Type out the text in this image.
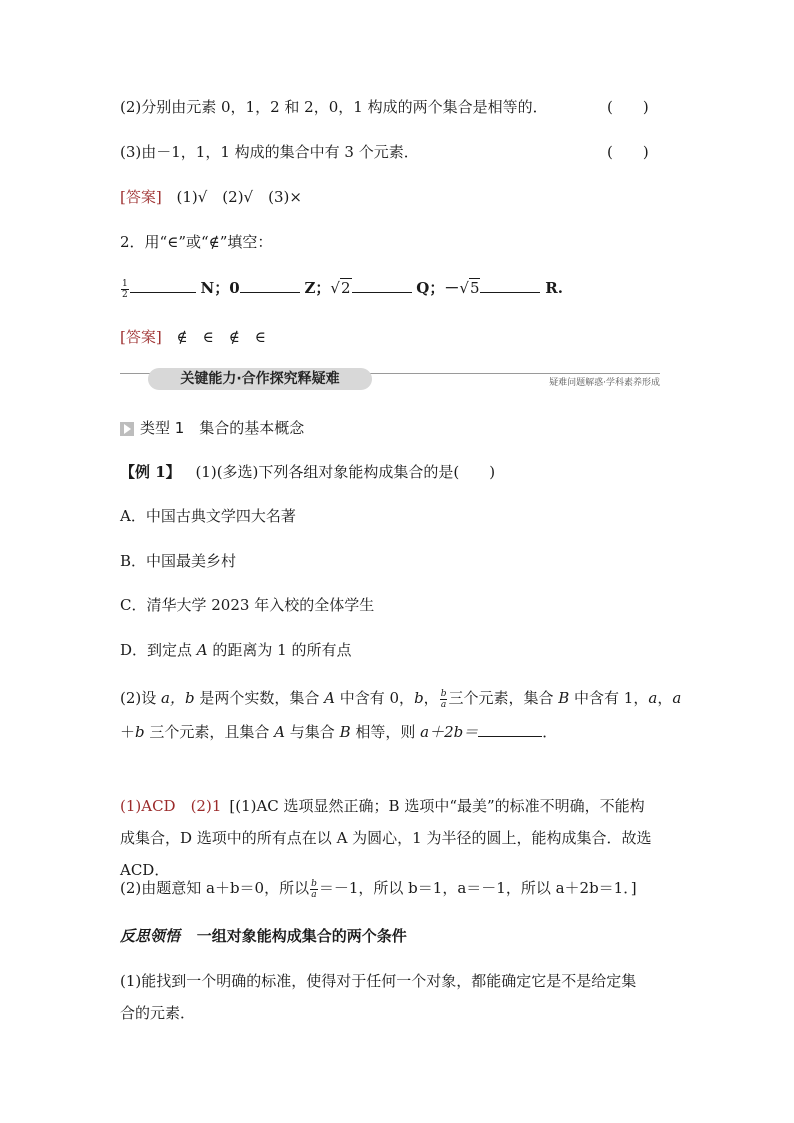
(2)分别由元素 0，1，2 和 2，0，1 构成的两个集合是相等的．	(　　)
(3)由－1，1，1 构成的集合中有 3 个元素．	(　　)
[答案] (1)√　(2)√　(3)×
2．用“∈”或“∉”填空：
$\frac{1}{2}$	N；0	Z；√2	Q；－√5	R.
[答案] ∉　∈　∉　∈
关键能力·合作探究释疑难	疑难问题解惑·学科素养形成
类型 1　集合的基本概念
【例 1】 (1)(多选)下列各组对象能构成集合的是(　　)
A．中国古典文学四大名著
B．中国最美乡村
C．清华大学 2023 年入校的全体学生
D．到定点 A 的距离为 1 的所有点
(2)设 a，b 是两个实数，集合 A 中含有 0，b， $\frac{b}{a}$ 三个元素，集合 B 中含有 1，a，a
＋b 三个元素，且集合 A 与集合 B 相等，则 a＋2b＝	．
(1)ACD　(2)1 [(1)AC 选项显然正确；B 选项中“最美”的标准不明确，不能构
成集合，D 选项中的所有点在以 A 为圆心，1 为半径的圆上，能构成集合．故选
ACD．
(2)由题意知 a＋b＝0，所以 $\frac{b}{a} =-1$，所以 b＝1，a＝－1，所以 a＋2b＝1．]
反思领悟 一组对象能构成集合的两个条件
(1)能找到一个明确的标准，使得对于任何一个对象，都能确定它是不是给定集
合的元素．
